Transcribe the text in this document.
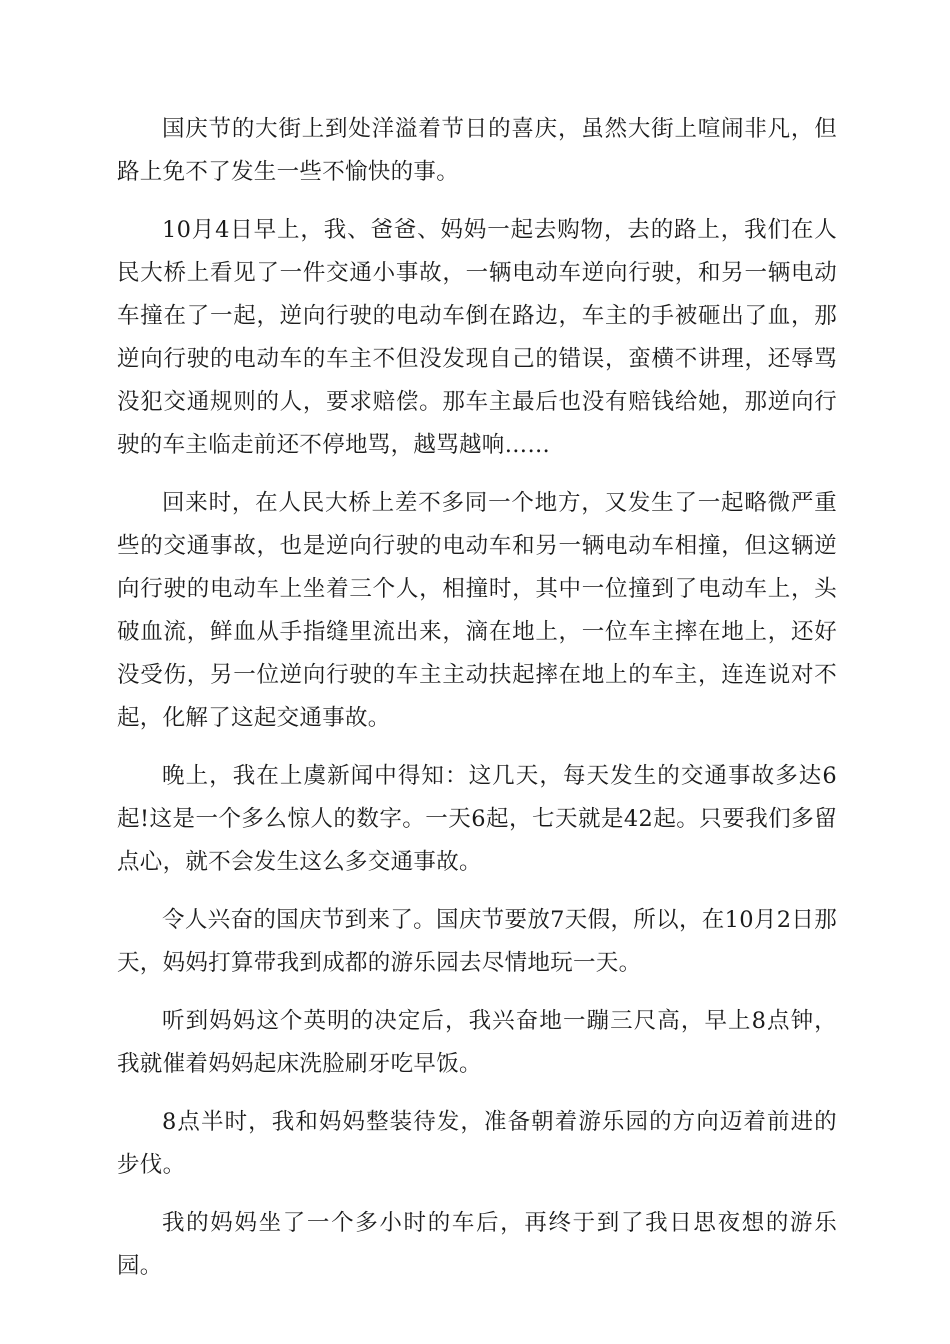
国庆节的大街上到处洋溢着节日的喜庆，虽然大街上喧闹非凡，但路上免不了发生一些不愉快的事。

10月4日早上，我、爸爸、妈妈一起去购物，去的路上，我们在人民大桥上看见了一件交通小事故，一辆电动车逆向行驶，和另一辆电动车撞在了一起，逆向行驶的电动车倒在路边，车主的手被砸出了血，那逆向行驶的电动车的车主不但没发现自己的错误，蛮横不讲理，还辱骂没犯交通规则的人，要求赔偿。那车主最后也没有赔钱给她，那逆向行驶的车主临走前还不停地骂，越骂越响……

回来时，在人民大桥上差不多同一个地方，又发生了一起略微严重些的交通事故，也是逆向行驶的电动车和另一辆电动车相撞，但这辆逆向行驶的电动车上坐着三个人，相撞时，其中一位撞到了电动车上，头破血流，鲜血从手指缝里流出来，滴在地上，一位车主摔在地上，还好没受伤，另一位逆向行驶的车主主动扶起摔在地上的车主，连连说对不起，化解了这起交通事故。

晚上，我在上虞新闻中得知：这几天，每天发生的交通事故多达6起!这是一个多么惊人的数字。一天6起，七天就是42起。只要我们多留点心，就不会发生这么多交通事故。

令人兴奋的国庆节到来了。国庆节要放7天假，所以，在10月2日那天，妈妈打算带我到成都的游乐园去尽情地玩一天。

听到妈妈这个英明的决定后，我兴奋地一蹦三尺高，早上8点钟，我就催着妈妈起床洗脸刷牙吃早饭。

8点半时，我和妈妈整装待发，准备朝着游乐园的方向迈着前进的步伐。

我的妈妈坐了一个多小时的车后，再终于到了我日思夜想的游乐园。
